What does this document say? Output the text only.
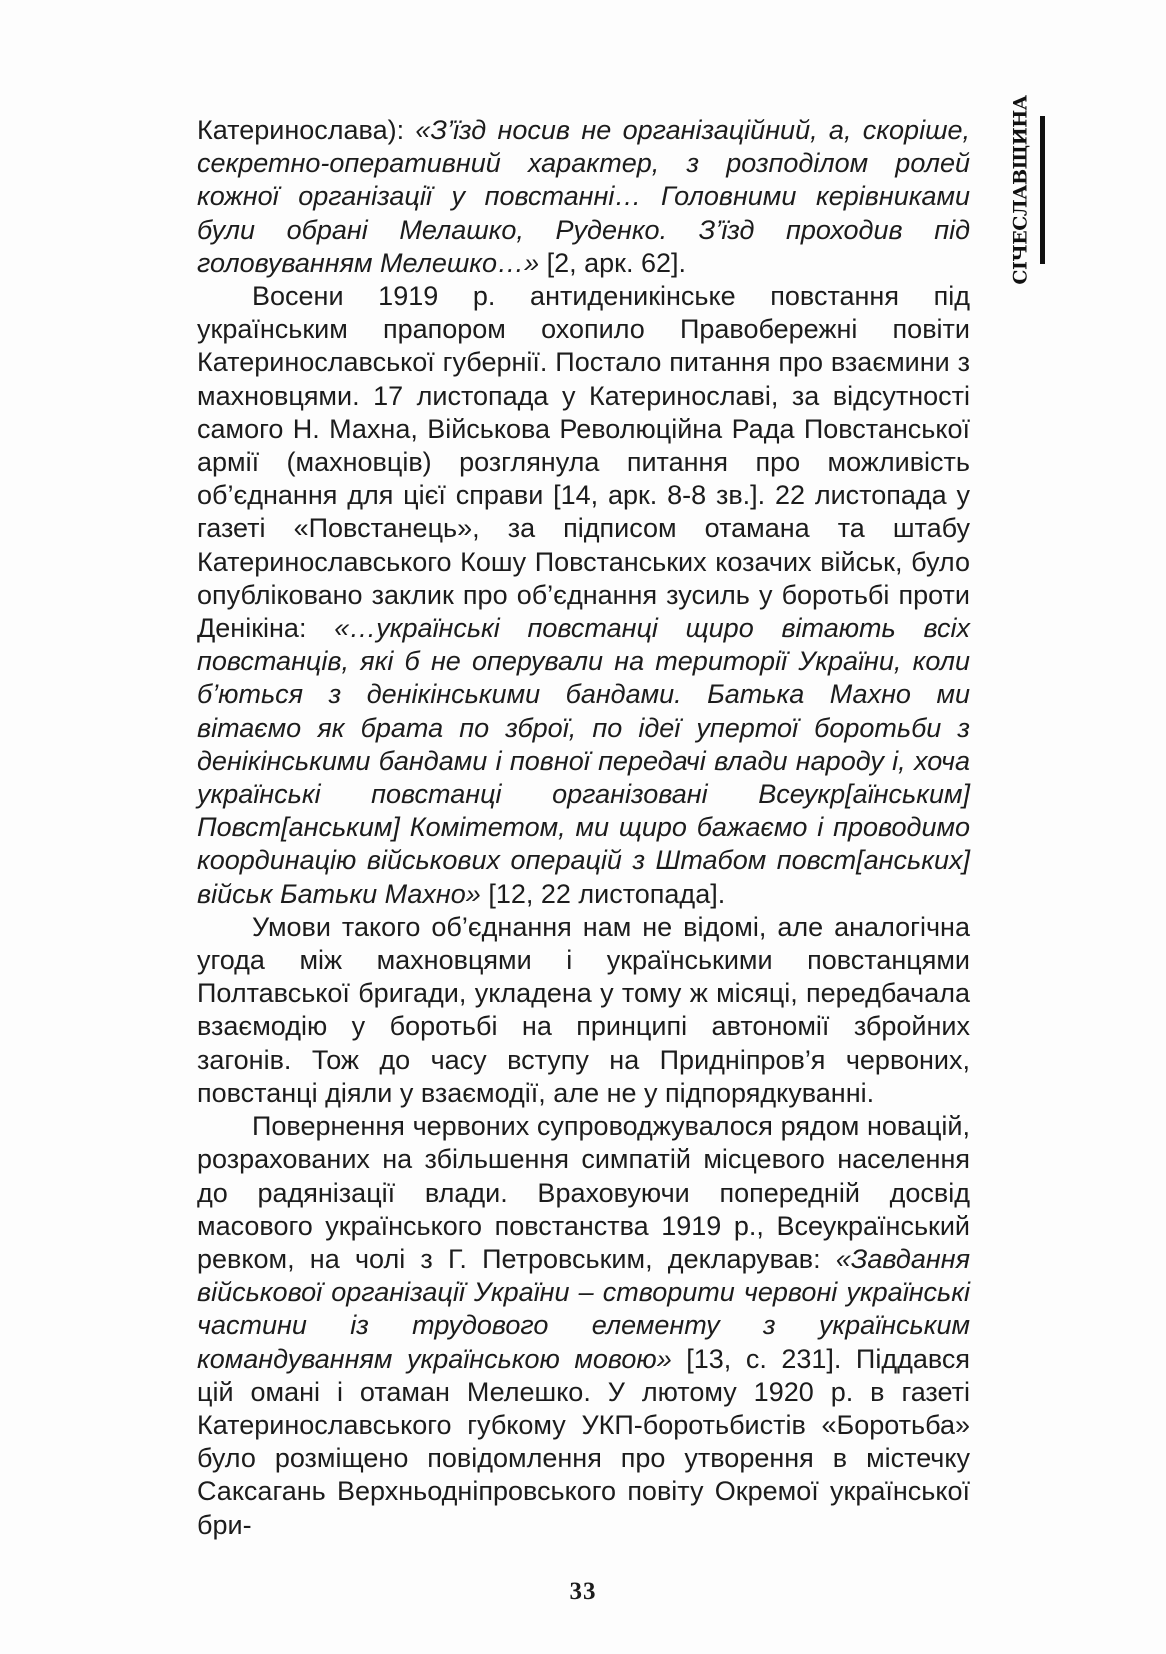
Катеринослава): «З’їзд носив не організаційний, а, скоріше, секретно-оперативний характер, з розподілом ролей кожної організації у повстанні… Головними керівниками були обрані Мелашко, Руденко. З’їзд проходив під головуванням Мелешко…» [2, арк. 62].

Восени 1919 р. антиденикінське повстання під українським прапором охопило Правобережні повіти Катеринославської губернії. Постало питання про взаємини з махновцями. 17 листопада у Катеринославі, за відсутності самого Н. Махна, Військова Революційна Рада Повстанської армії (махновців) розглянула питання про можливість об’єднання для цієї справи [14, арк. 8-8 зв.]. 22 листопада у газеті «Повстанець», за підписом отамана та штабу Катеринославського Кошу Повстанських козачих військ, було опубліковано заклик про об’єднання зусиль у боротьбі проти Денікіна: «…українські повстанці щиро вітають всіх повстанців, які б не оперували на території України, коли б’ються з денікінськими бандами. Батька Махно ми вітаємо як брата по зброї, по ідеї упертої боротьби з денікінськими бандами і повної передачі влади народу і, хоча українські повстанці організовані Всеукр[аїнським] Повст[анським] Комітетом, ми щиро бажаємо і проводимо координацію військових операцій з Штабом повст[анських] військ Батьки Махно» [12, 22 листопада].

Умови такого об’єднання нам не відомі, але аналогічна угода між махновцями і українськими повстанцями Полтавської бригади, укладена у тому ж місяці, передбачала взаємодію у боротьбі на принципі автономії збройних загонів. Тож до часу вступу на Придніпров’я червоних, повстанці діяли у взаємодії, але не у підпорядкуванні.

Повернення червоних супроводжувалося рядом новацій, розрахованих на збільшення симпатій місцевого населення до радянізації влади. Враховуючи попередній досвід масового українського повстанства 1919 р., Всеукраїнський ревком, на чолі з Г. Петровським, декларував: «Завдання військової організації України – створити червоні українські частини із трудового елементу з українським командуванням українською мовою» [13, с. 231]. Піддався цій омані і отаман Мелешко. У лютому 1920 р. в газеті Катеринославського губкому УКП-боротьбистів «Боротьба» було розміщено повідомлення про утворення в містечку Саксагань Верхньодніпровського повіту Окремої української бри-

СІЧЕСЛАВЩИНА
33
